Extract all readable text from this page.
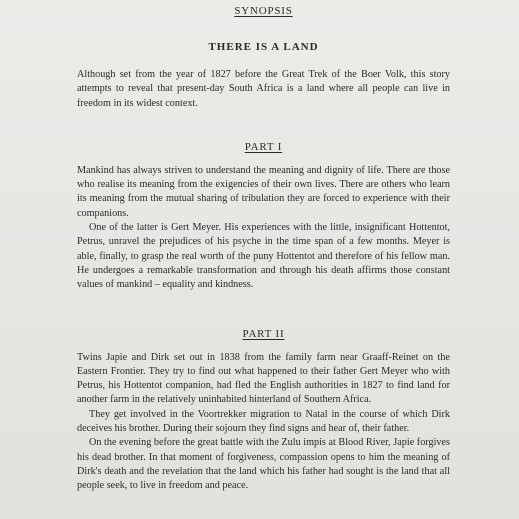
SYNOPSIS

THERE IS A LAND

Although set from the year of 1827 before the Great Trek of the Boer Volk, this story attempts to reveal that present-day South Africa is a land where all people can live in freedom in its widest context.

PART I

Mankind has always striven to understand the meaning and dignity of life. There are those who realise its meaning from the exigencies of their own lives. There are others who learn its meaning from the mutual sharing of tribulation they are forced to experience with their companions.

One of the latter is Gert Meyer. His experiences with the little, insignificant Hottentot, Petrus, unravel the prejudices of his psyche in the time span of a few months. Meyer is able, finally, to grasp the real worth of the puny Hottentot and therefore of his fellow man. He undergoes a remarkable transformation and through his death affirms those constant values of mankind – equality and kindness.

PART II

Twins Japie and Dirk set out in 1838 from the family farm near Graaff-Reinet on the Eastern Frontier. They try to find out what happened to their father Gert Meyer who with Petrus, his Hottentot companion, had fled the English authorities in 1827 to find land for another farm in the relatively uninhabited hinterland of Southern Africa.

They get involved in the Voortrekker migration to Natal in the course of which Dirk deceives his brother. During their sojourn they find signs and hear of, their father.

On the evening before the great battle with the Zulu impis at Blood River, Japie forgives his dead brother. In that moment of forgiveness, compassion opens to him the meaning of Dirk's death and the revelation that the land which his father had sought is the land that all people seek, to live in freedom and peace.
